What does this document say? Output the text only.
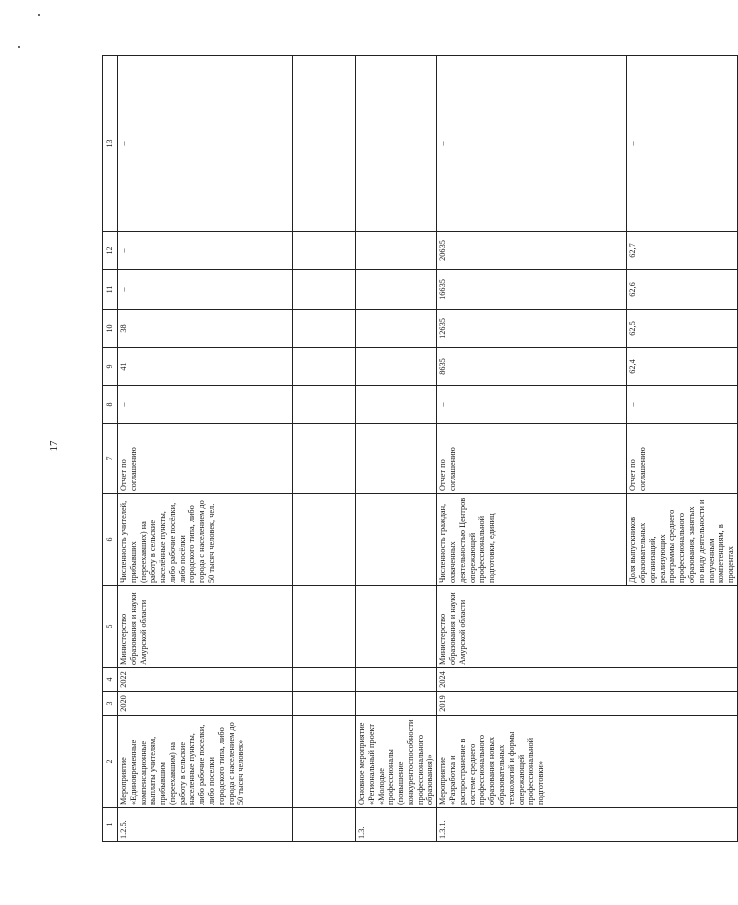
17
1	2	3	4	5	6	7	8	9	10	11	12	13
1.2.5.	Мероприятие «Единовременные компенсационные выплаты учителям, прибывшим (переехавшим) на работу в сельские населенные пункты, либо рабочие поселки, либо поселки городского типа, либо города с населением до 50 тысяч человек»	2020	2022	Министерство образования и науки Амурской области	Численность учителей, прибывших (переехавших) на работу в сельские населённые пункты, либо рабочие посёлки, либо посёлки городского типа, либо города с населением до 50 тысяч человек, чел.	Отчет по соглашению	–	41	38	–	–	–

1.3.	Основное мероприятие «Региональный проект «Молодые профессионалы (повышение конкурентоспособности профессионального образования)»											
1.3.1.	Мероприятие «Разработка и распространение в системе среднего профессионального образования новых образовательных технологий и формы опережающей профессиональной подготовки»	2019	2024	Министерство образования и науки Амурской области	Численность граждан, охваченных деятельностью Центров опережающей профессиональной подготовки, единиц	Отчет по соглашению	–	8635	12635	16635	20635	–
					Доля выпускников образовательных организаций, реализующих программы среднего профессионального образования, занятых по виду деятельности и полученным компетенциям, в процентах	Отчет по соглашению	–	62,4	62,5	62,6	62,7	–
